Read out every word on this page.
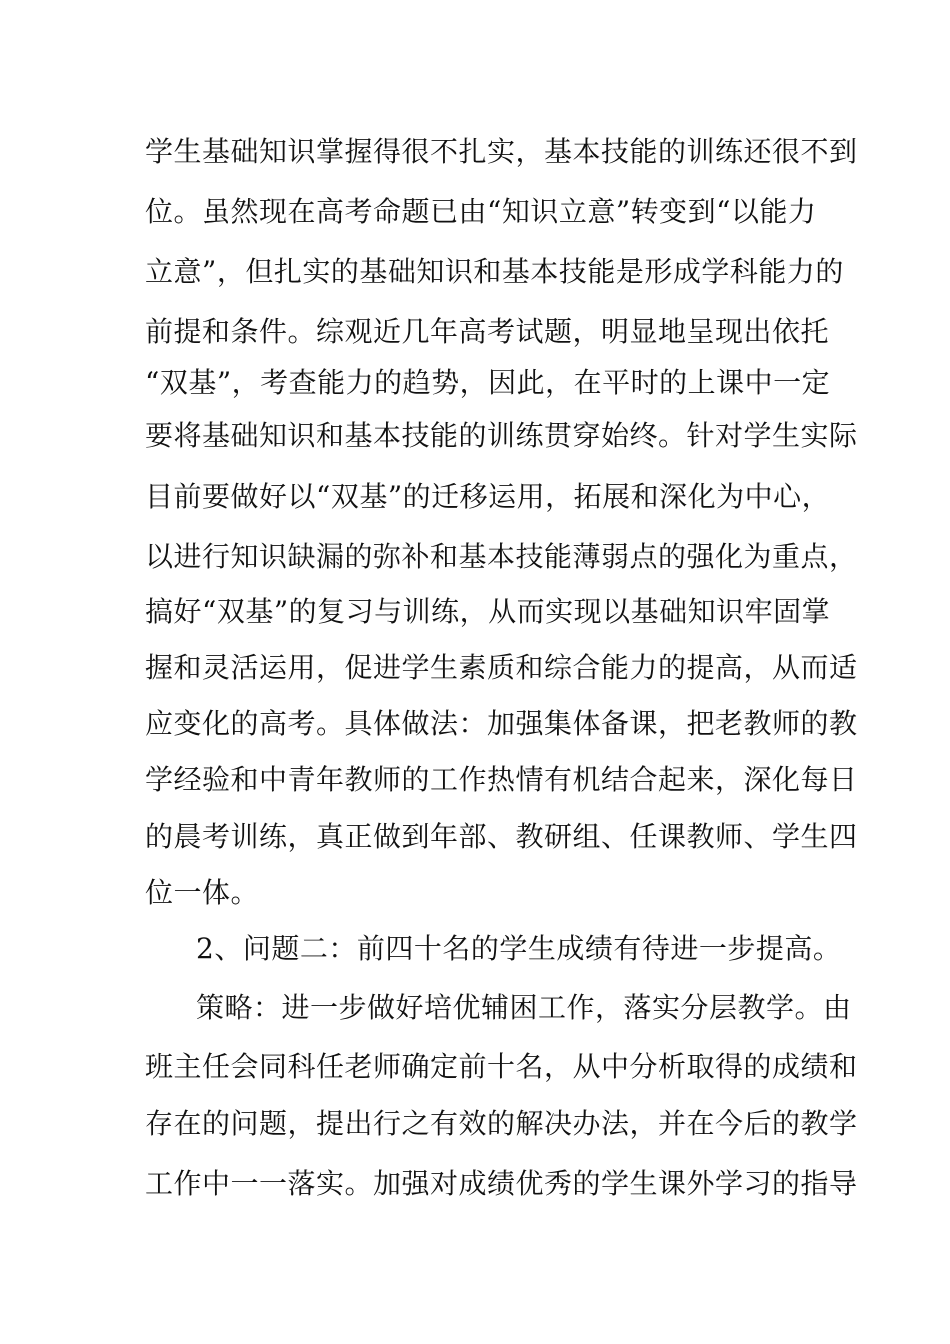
学生基础知识掌握得很不扎实，基本技能的训练还很不到
位。虽然现在高考命题已由“知识立意”转变到“以能力
立意”，但扎实的基础知识和基本技能是形成学科能力的
前提和条件。综观近几年高考试题，明显地呈现出依托
“双基”，考查能力的趋势，因此，在平时的上课中一定
要将基础知识和基本技能的训练贯穿始终。针对学生实际
目前要做好以“双基”的迁移运用，拓展和深化为中心，
以进行知识缺漏的弥补和基本技能薄弱点的强化为重点，
搞好“双基”的复习与训练，从而实现以基础知识牢固掌
握和灵活运用，促进学生素质和综合能力的提高，从而适
应变化的高考。具体做法：加强集体备课，把老教师的教
学经验和中青年教师的工作热情有机结合起来，深化每日
的晨考训练，真正做到年部、教研组、任课教师、学生四
位一体。
2、问题二：前四十名的学生成绩有待进一步提高。
策略：进一步做好培优辅困工作，落实分层教学。由
班主任会同科任老师确定前十名，从中分析取得的成绩和
存在的问题，提出行之有效的解决办法，并在今后的教学
工作中一一落实。加强对成绩优秀的学生课外学习的指导
